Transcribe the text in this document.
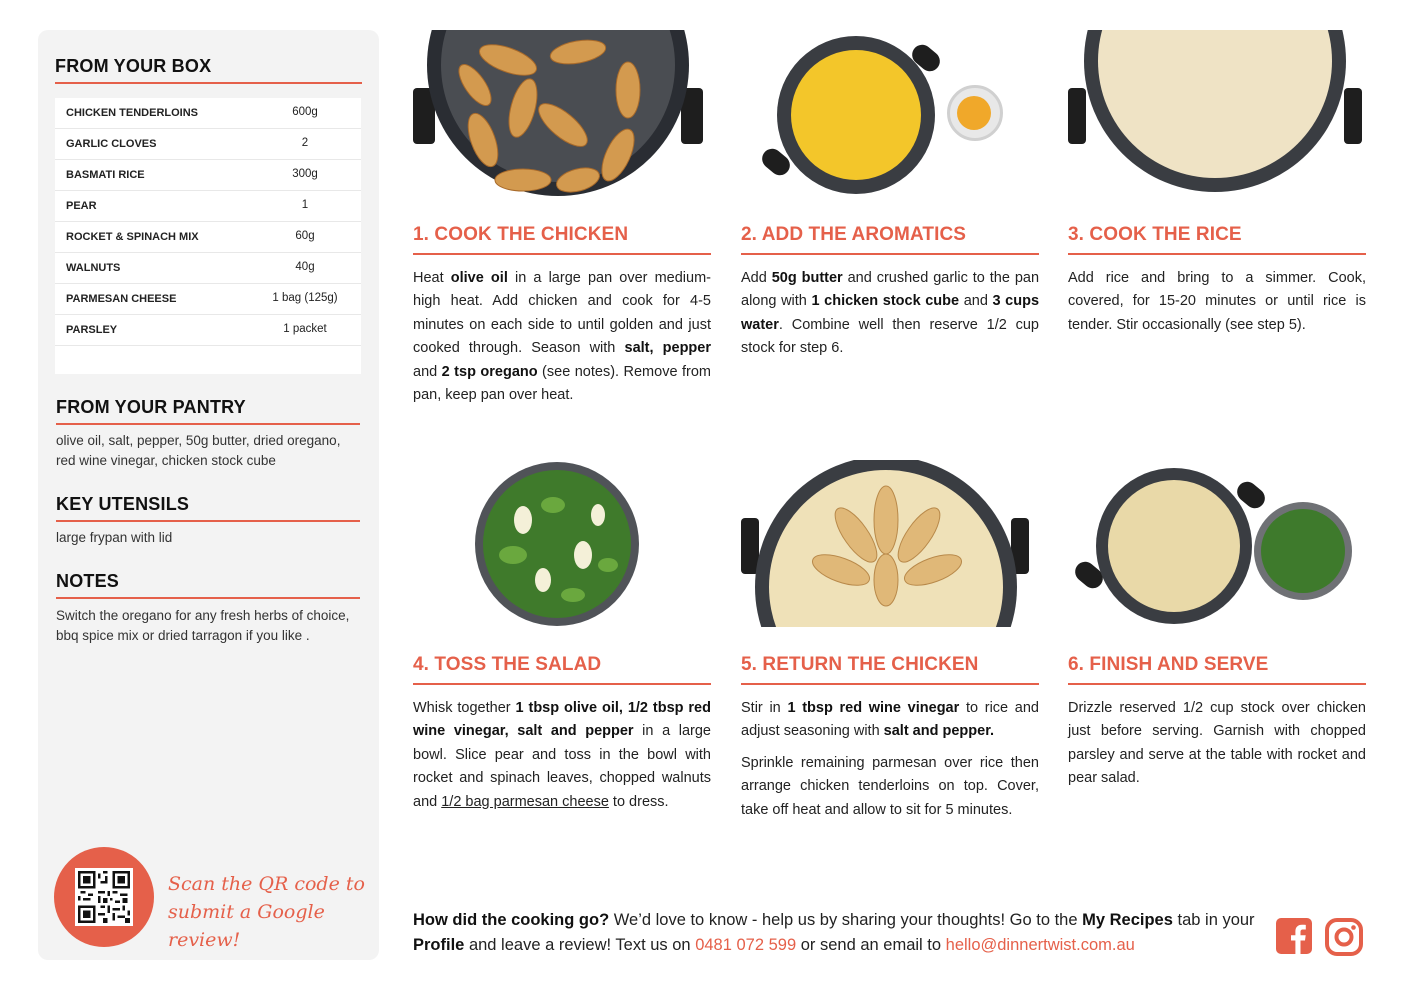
FROM YOUR BOX
CHICKEN TENDERLOINS	600g
GARLIC CLOVES	2
BASMATI RICE	300g
PEAR	1
ROCKET & SPINACH MIX	60g
WALNUTS	40g
PARMESAN CHEESE	1 bag (125g)
PARSLEY	1 packet
FROM YOUR PANTRY
olive oil, salt, pepper, 50g butter, dried oregano, red wine vinegar, chicken stock cube
KEY UTENSILS
large frypan with lid
NOTES
Switch the oregano for any fresh herbs of choice, bbq spice mix or dried tarragon if you like .
Scan the QR code to
submit a Google review!
1. COOK THE CHICKEN
Heat olive oil in a large pan over medium-high heat. Add chicken and cook for 4-5 minutes on each side to until golden and just cooked through. Season with salt, pepper and 2 tsp oregano (see notes). Remove from pan, keep pan over heat.
2. ADD THE AROMATICS
Add 50g butter and crushed garlic to the pan along with 1 chicken stock cube and 3 cups water. Combine well then reserve 1/2 cup stock for step 6.
3. COOK THE RICE
Add rice and bring to a simmer. Cook, covered, for 15-20 minutes or until rice is tender. Stir occasionally (see step 5).
4. TOSS THE SALAD
Whisk together 1 tbsp olive oil, 1/2 tbsp red wine vinegar, salt and pepper in a large bowl. Slice pear and toss in the bowl with rocket and spinach leaves, chopped walnuts and 1/2 bag parmesan cheese to dress.
5. RETURN THE CHICKEN
Stir in 1 tbsp red wine vinegar to rice and adjust seasoning with salt and pepper.
Sprinkle remaining parmesan over rice then arrange chicken tenderloins on top. Cover, take off heat and allow to sit for 5 minutes.
6. FINISH AND SERVE
Drizzle reserved 1/2 cup stock over chicken just before serving. Garnish with chopped parsley and serve at the table with rocket and pear salad.
How did the cooking go? We’d love to know - help us by sharing your thoughts! Go to the My Recipes tab in your Profile and leave a review! Text us on 0481 072 599 or send an email to hello@dinnertwist.com.au
